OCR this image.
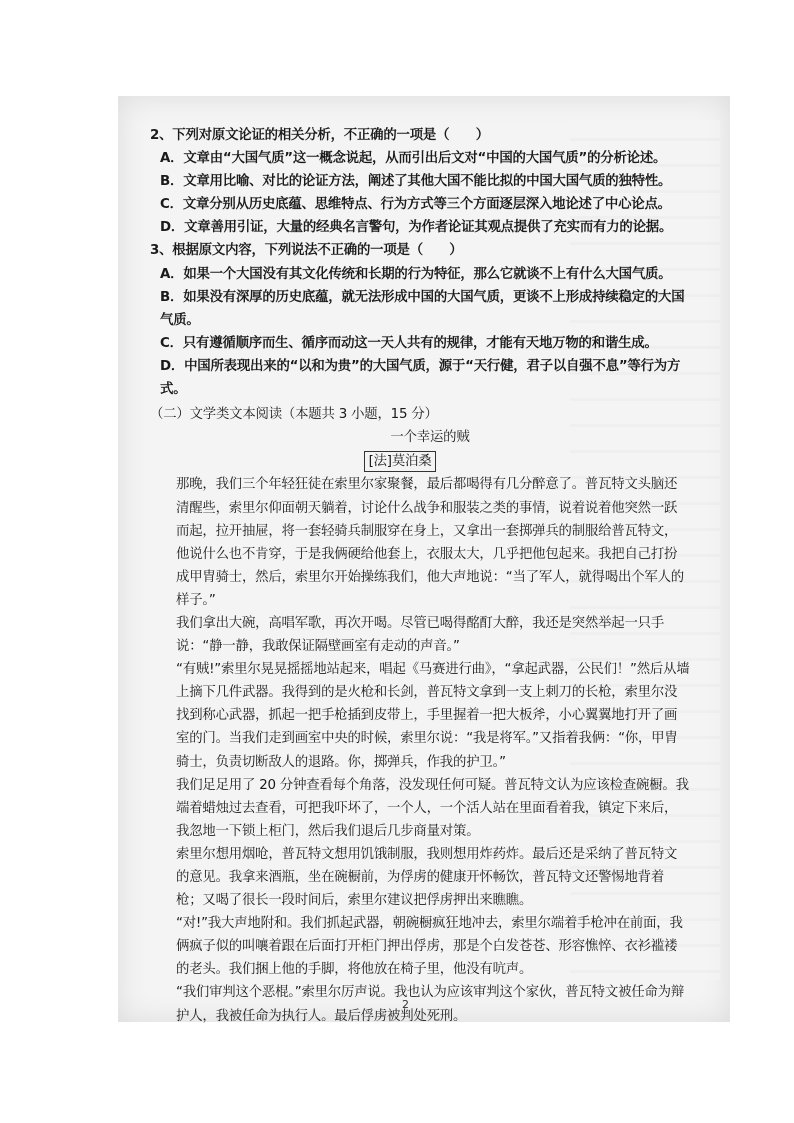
2、下列对原文论证的相关分析，不正确的一项是（　　）

A．文章由“大国气质”这一概念说起，从而引出后文对“中国的大国气质”的分析论述。

B．文章用比喻、对比的论证方法，阐述了其他大国不能比拟的中国大国气质的独特性。

C．文章分别从历史底蕴、思维特点、行为方式等三个方面逐层深入地论述了中心论点。

D．文章善用引证，大量的经典名言警句，为作者论证其观点提供了充实而有力的论据。

3、根据原文内容，下列说法不正确的一项是（　　）

A．如果一个大国没有其文化传统和长期的行为特征，那么它就谈不上有什么大国气质。

B．如果没有深厚的历史底蕴，就无法形成中国的大国气质，更谈不上形成持续稳定的大国气质。

C．只有遵循顺序而生、循序而动这一天人共有的规律，才能有天地万物的和谐生成。

D．中国所表现出来的“以和为贵”的大国气质，源于“天行健，君子以自强不息”等行为方式。

（二）文学类文本阅读（本题共 3 小题，15 分）

一个幸运的贼

[法]莫泊桑

那晚，我们三个年轻狂徒在索里尔家聚餐，最后都喝得有几分醉意了。普瓦特文头脑还清醒些，索里尔仰面朝天躺着，讨论什么战争和服装之类的事情，说着说着他突然一跃而起，拉开抽屉，将一套轻骑兵制服穿在身上，又拿出一套掷弹兵的制服给普瓦特文，他说什么也不肯穿，于是我俩硬给他套上，衣服太大，几乎把他包起来。我把自己打扮成甲胄骑士，然后，索里尔开始操练我们，他大声地说：“当了军人，就得喝出个军人的样子。”

我们拿出大碗，高唱军歌，再次开喝。尽管已喝得酩酊大醉，我还是突然举起一只手说：“静一静，我敢保证隔壁画室有走动的声音。”

“有贼!”索里尔晃晃摇摇地站起来，唱起《马赛进行曲》，“拿起武器，公民们！”然后从墙上摘下几件武器。我得到的是火枪和长剑，普瓦特文拿到一支上刺刀的长枪，索里尔没找到称心武器，抓起一把手枪插到皮带上，手里握着一把大板斧，小心翼翼地打开了画室的门。当我们走到画室中央的时候，索里尔说：“我是将军。”又指着我俩：“你，甲胄骑士，负责切断敌人的退路。你，掷弹兵，作我的护卫。”

我们足足用了 20 分钟查看每个角落，没发现任何可疑。普瓦特文认为应该检查碗橱。我端着蜡烛过去查看，可把我吓坏了，一个人，一个活人站在里面看着我，镇定下来后，我忽地一下锁上柜门，然后我们退后几步商量对策。

索里尔想用烟呛，普瓦特文想用饥饿制服，我则想用炸药炸。最后还是采纳了普瓦特文的意见。我拿来酒瓶，坐在碗橱前，为俘虏的健康开怀畅饮，普瓦特文还警惕地背着枪；又喝了很长一段时间后，索里尔建议把俘虏押出来瞧瞧。

“对!”我大声地附和。我们抓起武器，朝碗橱疯狂地冲去，索里尔端着手枪冲在前面，我俩疯子似的叫嚷着跟在后面打开柜门押出俘虏，那是个白发苍苍、形容憔悴、衣衫褴褛的老头。我们捆上他的手脚，将他放在椅子里，他没有吭声。

“我们审判这个恶棍。”索里尔厉声说。我也认为应该审判这个家伙，普瓦特文被任命为辩护人，我被任命为执行人。最后俘虏被判处死刑。

2
